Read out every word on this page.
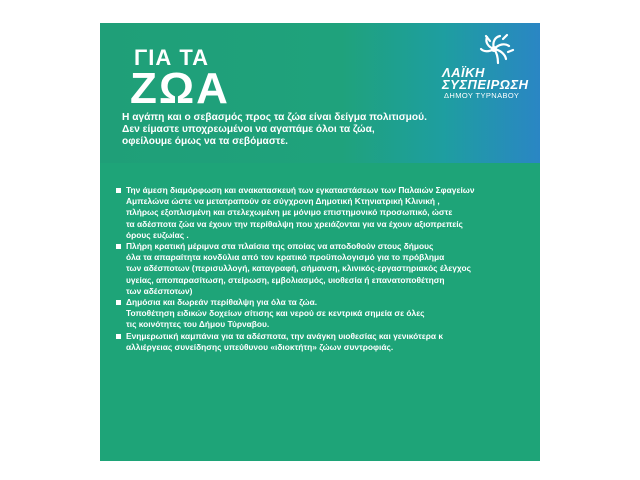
ΓΙΑ ΤΑ
ΖΩΑ	ΛΑΪΚΗ
ΣΥΣΠΕΙΡΩΣΗ
ΔΗΜΟΥ ΤΥΡΝΑΒΟΥ
Η αγάπη και ο σεβασμός προς τα ζώα είναι δείγμα πολιτισμού.
Δεν είμαστε υποχρεωμένοι να αγαπάμε όλοι τα ζώα,
οφείλουμε όμως να τα σεβόμαστε.
Την άμεση διαμόρφωση και ανακατασκευή των εγκαταστάσεων των Παλαιών Σφαγείων
Αμπελώνα ώστε να μετατραπούν σε σύγχρονη Δημοτική Κτηνιατρική Κλινική ,
πλήρως εξοπλισμένη και στελεχωμένη με μόνιμο επιστημονικό προσωπικό, ώστε
τα αδέσποτα ζώα να έχουν την περίθαλψη που χρειάζονται για να έχουν αξιοπρεπείς
όρους ευζωίας .
Πλήρη κρατική μέριμνα στα πλαίσια της οποίας να αποδοθούν στους δήμους
όλα τα απαραίτητα κονδύλια από τον κρατικό προϋπολογισμό για το πρόβλημα
των αδέσποτων (περισυλλογή, καταγραφή, σήμανση, κλινικός-εργαστηριακός έλεγχος
υγείας, αποπαρασίτωση, στείρωση, εμβολιασμός, υιοθεσία ή επανατοποθέτηση
των αδέσποτων)
Δημόσια και δωρεάν περίθαλψη για όλα τα ζώα.
Τοποθέτηση ειδικών δοχείων σίτισης και νερού σε κεντρικά σημεία σε όλες
τις κοινότητες του Δήμου Τύρναβου.
Ενημερωτική καμπάνια για τα αδέσποτα, την ανάγκη υιοθεσίας και γενικότερα κ
αλλιέργειας συνείδησης υπεύθυνου «ιδιοκτήτη» ζώων συντροφιάς.
